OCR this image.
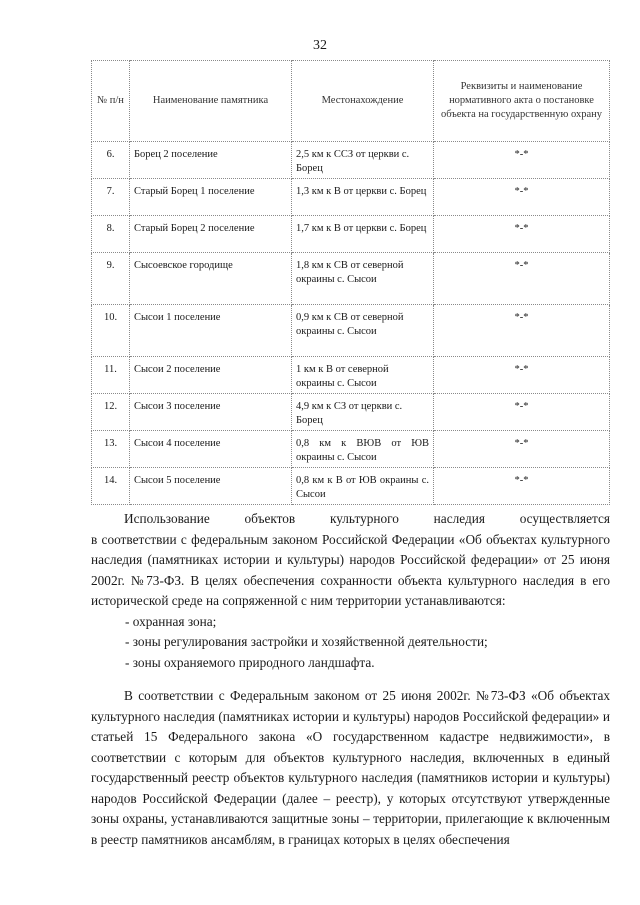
32
№ п/н	Наименование памятника	Местонахождение	Реквизиты и наименование нормативного акта о постановке объекта на государственную охрану
6.	Борец 2 поселение	2,5 км к ССЗ от церкви с. Борец	*-*
7.	Старый Борец 1 поселение	1,3 км к В от церкви с. Борец	*-*
8.	Старый Борец 2 поселение	1,7 км к В от церкви с. Борец	*-*
9.	Сысоевское городище	1,8 км к СВ от северной окраины с. Сысои	*-*
10.	Сысои 1 поселение	0,9 км к СВ от северной окраины с. Сысои	*-*
11.	Сысои 2 поселение	1 км к В от северной окраины с. Сысои	*-*
12.	Сысои 3 поселение	4,9 км к СЗ от церкви с. Борец	*-*
13.	Сысои 4 поселение	0,8 км к ВЮВ от ЮВ окраины с. Сысои	*-*
14.	Сысои 5 поселение	0,8 км к В от ЮВ окраины с. Сысои	*-*

Использование объектов культурного наследия осуществляется

в соответствии с федеральным законом Российской Федерации «Об объектах культурного наследия (памятниках истории и культуры) народов Российской федерации» от 25 июня 2002г. №73-ФЗ. В целях обеспечения сохранности объекта культурного наследия в его исторической среде на сопряженной с ним территории устанавливаются:

- охранная зона;

- зоны регулирования застройки и хозяйственной деятельности;

- зоны охраняемого природного ландшафта.

В соответствии с Федеральным законом от 25 июня 2002г. №73-ФЗ «Об объектах культурного наследия (памятниках истории и культуры) народов Российской федерации» и статьей 15 Федерального закона «О государственном кадастре недвижимости», в соответствии с которым для объектов культурного наследия, включенных в единый государственный реестр объектов культурного наследия (памятников истории и культуры) народов Российской Федерации (далее – реестр), у которых отсутствуют утвержденные зоны охраны, устанавливаются защитные зоны – территории, прилегающие к включенным в реестр памятников ансамблям, в границах которых в целях обеспечения
